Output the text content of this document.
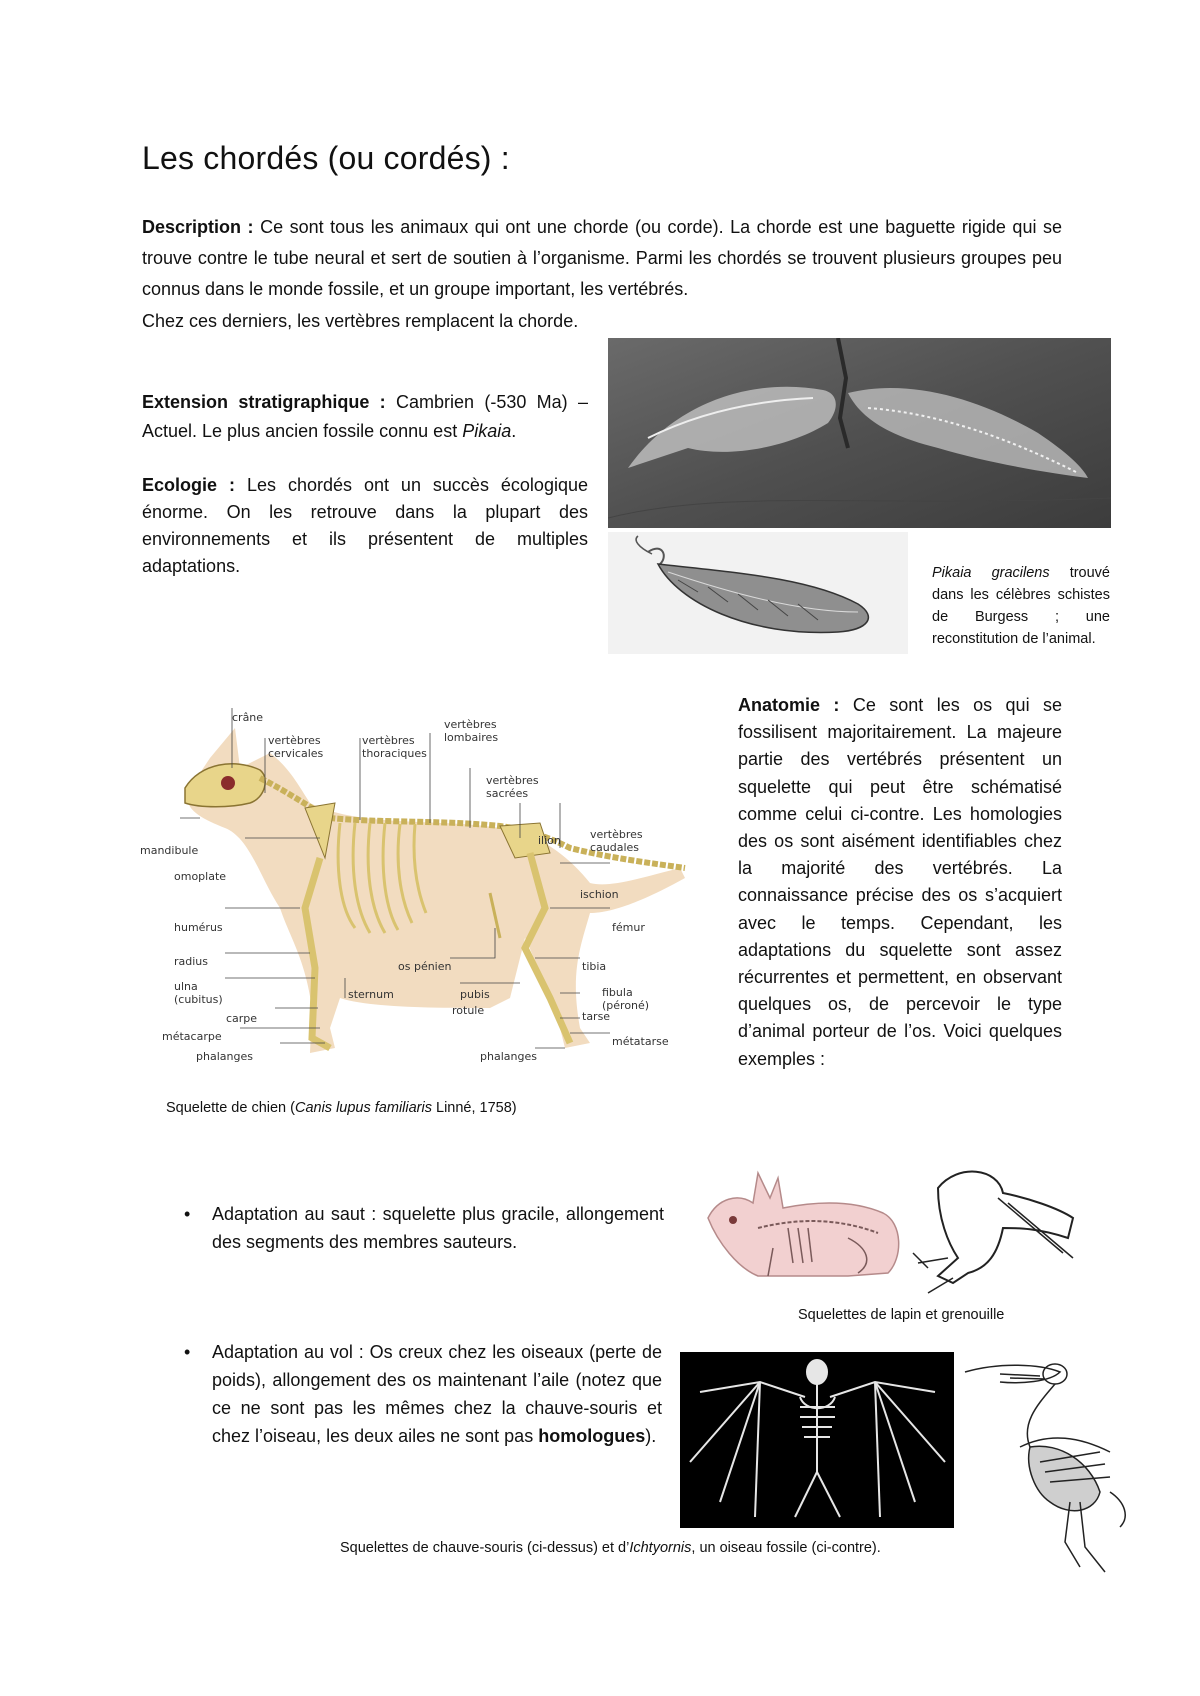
Les chordés (ou cordés) :
Description : Ce sont tous les animaux qui ont une chorde (ou corde). La chorde est une baguette rigide qui se trouve contre le tube neural et sert de soutien à l’organisme. Parmi les chordés se trouvent plusieurs groupes peu connus dans le monde fossile, et un groupe important, les vertébrés.
Chez ces derniers, les vertèbres remplacent la chorde.
Extension stratigraphique : Cambrien (-530 Ma) – Actuel. Le plus ancien fossile connu est Pikaia.
Ecologie : Les chordés ont un succès écologique énorme. On les retrouve dans la plupart des environnements et ils présentent de multiples adaptations.	Pikaia gracilens trouvé dans les célèbres schistes de Burgess ; une reconstitution de l’animal.
crâne
vertèbres cervicales
vertèbres thoraciques
vertèbres lombaires
vertèbres sacrées
ilion	vertèbres caudales
mandibule
omoplate
ischion
humérus	fémur
radius	os pénien	tibia
ulna (cubitus)	sternum	pubis
rotule
fibula (péroné)
carpe	tarse
métacarpe	métatarse
phalanges	phalanges
Squelette de chien (Canis lupus familiaris Linné, 1758)
Anatomie : Ce sont les os qui se fossilisent majoritairement. La majeure partie des vertébrés présentent un squelette qui peut être schématisé comme celui ci-contre. Les homologies des os sont aisément identifiables chez la majorité des vertébrés. La connaissance précise des os s’acquiert avec le temps. Cependant, les adaptations du squelette sont assez récurrentes et permettent, en observant quelques os, de percevoir le type d’animal porteur de l’os. Voici quelques exemples :
• Adaptation au saut : squelette plus gracile, allongement des segments des membres sauteurs.
Squelettes de lapin et grenouille
• Adaptation au vol : Os creux chez les oiseaux (perte de poids), allongement des os maintenant l’aile (notez que ce ne sont pas les mêmes chez la chauve-souris et chez l’oiseau, les deux ailes ne sont pas homologues).
Squelettes de chauve-souris (ci-dessus) et d’Ichtyornis, un oiseau fossile (ci-contre).
